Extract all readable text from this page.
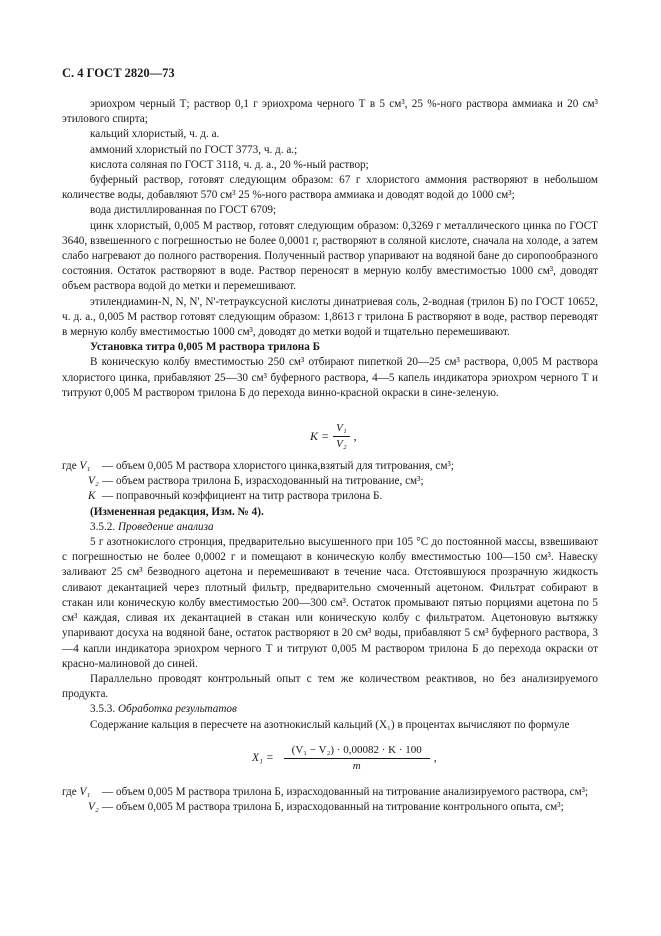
С. 4 ГОСТ 2820—73

эриохром черный Т; раствор 0,1 г эриохрома черного Т в 5 см³, 25 %-ного раствора аммиака и 20 см³ этилового спирта;

кальций хлористый, ч. д. а.

аммоний хлористый по ГОСТ 3773, ч. д. а.;

кислота соляная по ГОСТ 3118, ч. д. а., 20 %-ный раствор;

буферный раствор, готовят следующим образом: 67 г хлористого аммония растворяют в небольшом количестве воды, добавляют 570 см³ 25 %-ного раствора аммиака и доводят водой до 1000 см³;

вода дистиллированная по ГОСТ 6709;

цинк хлористый, 0,005 М раствор, готовят следующим образом: 0,3269 г металлического цинка по ГОСТ 3640, взвешенного с погрешностью не более 0,0001 г, растворяют в соляной кислоте, сначала на холоде, а затем слабо нагревают до полного растворения. Полученный раствор упаривают на водяной бане до сиропообразного состояния. Остаток растворяют в воде. Раствор переносят в мерную колбу вместимостью 1000 см³, доводят объем раствора водой до метки и перемешивают.

этилендиамин-N, N, N', N'-тетрауксусной кислоты динатриевая соль, 2-водная (трилон Б) по ГОСТ 10652, ч. д. а., 0,005 М раствор готовят следующим образом: 1,8613 г трилона Б растворяют в воде, раствор переводят в мерную колбу вместимостью 1000 см³, доводят до метки водой и тщательно перемешивают.

Установка титра 0,005 М раствора трилона Б

В коническую колбу вместимостью 250 см³ отбирают пипеткой 20—25 см³ раствора, 0,005 М раствора хлористого цинка, прибавляют 25—30 см³ буферного раствора, 4—5 капель индикатора эриохром черного Т и титруют 0,005 М раствором трилона Б до перехода винно-красной окраски в сине-зеленую.

$K = \frac{\text{V₁}}{\text{V₂}}$ ,
где V₁	— объем 0,005 М раствора хлористого цинка,взятый для титрования, см³;
V₂ — объем раствора трилона Б, израсходованный на титрование, см³;
K — поправочный коэффициент на титр раствора трилона Б.

(Измененная редакция, Изм. № 4).

3.5.2. Проведение анализа

5 г азотнокислого стронция, предварительно высушенного при 105 °С до постоянной массы, взвешивают с погрешностью не более 0,0002 г и помещают в коническую колбу вместимостью 100—150 см³. Навеску заливают 25 см³ безводного ацетона и перемешивают в течение часа. Отстоявшуюся прозрачную жидкость сливают декантацией через плотный фильтр, предварительно смоченный ацетоном. Фильтрат собирают в стакан или коническую колбу вместимостью 200—300 см³. Остаток промывают пятью порциями ацетона по 5 см³ каждая, сливая их декантацией в стакан или коническую колбу с фильтратом. Ацетоновую вытяжку упаривают досуха на водяной бане, остаток растворяют в 20 см³ воды, прибавляют 5 см³ буферного раствора, 3—4 капли индикатора эриохром черного Т и титруют 0,005 М раствором трилона Б до перехода окраски от красно-малиновой до синей.

Параллельно проводят контрольный опыт с тем же количеством реактивов, но без анализируемого продукта.

3.5.3. Обработка результатов

Содержание кальция в пересчете на азотнокислый кальций (X₁) в процентах вычисляют по формуле

$X_1 = \frac{\text{(V₁ − V₂) · 0,00082 · K · 100}}{m}$ ,
где V₁	— объем 0,005 М раствора трилона Б, израсходованный на титрование анализируемого раствора, см³;
V₂ — объем 0,005 М раствора трилона Б, израсходованный на титрование контрольного опыта, см³;
